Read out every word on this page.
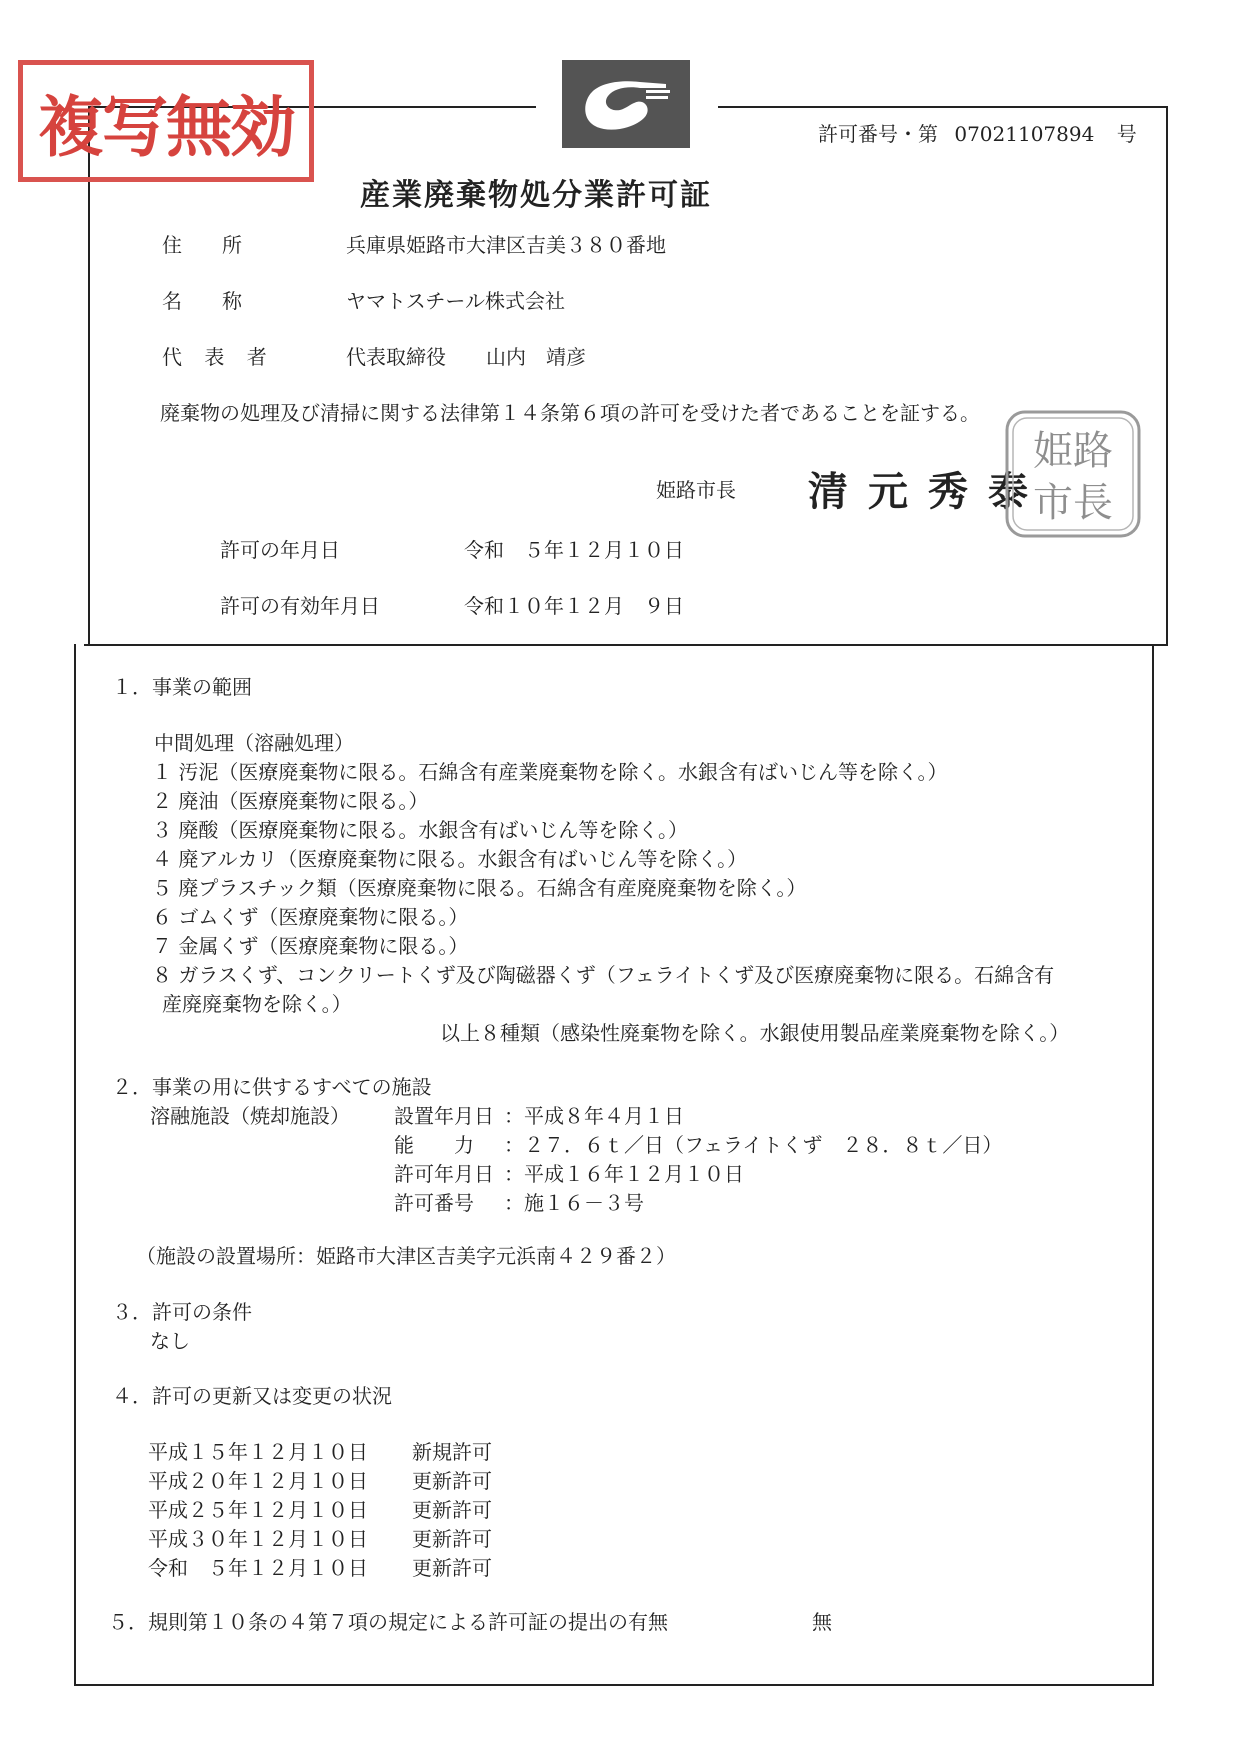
複写無効	許可番号・第 07021107894 号
産業廃棄物処分業許可証
住　　所	兵庫県姫路市大津区吉美３８０番地
名　　称	ヤマトスチール株式会社
代 表 者	代表取締役 山内　靖彦
廃棄物の処理及び清掃に関する法律第１４条第６項の許可を受けた者であることを証する。
姫路市長 清元秀泰
姫路
市長
許可の年月日	令和　５年１２月１０日
許可の有効年月日	令和１０年１２月　９日
１．事業の範囲
中間処理（溶融処理）
１ 汚泥（医療廃棄物に限る。石綿含有産業廃棄物を除く。水銀含有ばいじん等を除く。）
２ 廃油（医療廃棄物に限る。）
３ 廃酸（医療廃棄物に限る。水銀含有ばいじん等を除く。）
４ 廃アルカリ（医療廃棄物に限る。水銀含有ばいじん等を除く。）
５ 廃プラスチック類（医療廃棄物に限る。石綿含有産廃廃棄物を除く。）
６ ゴムくず（医療廃棄物に限る。）
７ 金属くず（医療廃棄物に限る。）
８ ガラスくず、コンクリートくず及び陶磁器くず（フェライトくず及び医療廃棄物に限る。石綿含有
産廃廃棄物を除く。）
以上８種類（感染性廃棄物を除く。水銀使用製品産業廃棄物を除く。）
２．事業の用に供するすべての施設
溶融施設（焼却施設） 設置年月日 ：平成８年４月１日
能　　力 ：２７．６ｔ／日（フェライトくず　２８．８ｔ／日）
許可年月日 ：平成１６年１２月１０日
許可番号 ：施１６－３号
（施設の設置場所：姫路市大津区吉美字元浜南４２９番２）
３．許可の条件
なし
４．許可の更新又は変更の状況
平成１５年１２月１０日 新規許可
平成２０年１２月１０日 更新許可
平成２５年１２月１０日 更新許可
平成３０年１２月１０日 更新許可
令和　５年１２月１０日 更新許可
５．規則第１０条の４第７項の規定による許可証の提出の有無	無
